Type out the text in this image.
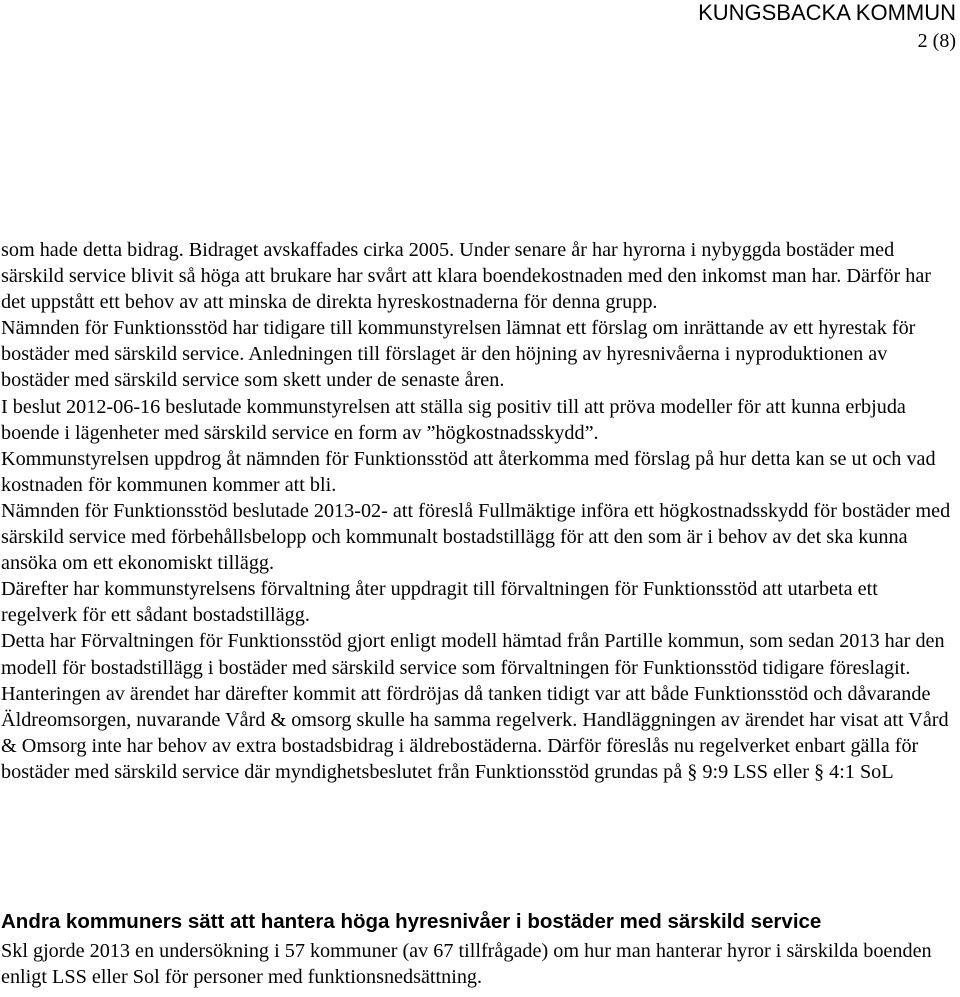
KUNGSBACKA KOMMUN
2 (8)

som hade detta bidrag. Bidraget avskaffades cirka 2005. Under senare år har hyrorna i nybyggda bostäder med särskild service blivit så höga att brukare har svårt att klara boendekostnaden med den inkomst man har. Därför har det uppstått ett behov av att minska de direkta hyreskostnaderna för denna grupp.

Nämnden för Funktionsstöd har tidigare till kommunstyrelsen lämnat ett förslag om inrättande av ett hyrestak för bostäder med särskild service. Anledningen till förslaget är den höjning av hyresnivåerna i nyproduktionen av bostäder med särskild service som skett under de senaste åren.

I beslut 2012-06-16 beslutade kommunstyrelsen att ställa sig positiv till att pröva modeller för att kunna erbjuda boende i lägenheter med särskild service en form av ”högkostnadsskydd”.

Kommunstyrelsen uppdrog åt nämnden för Funktionsstöd att återkomma med förslag på hur detta kan se ut och vad kostnaden för kommunen kommer att bli.

Nämnden för Funktionsstöd beslutade 2013-02- att föreslå Fullmäktige införa ett högkostnadsskydd för bostäder med särskild service med förbehållsbelopp och kommunalt bostadstillägg för att den som är i behov av det ska kunna ansöka om ett ekonomiskt tillägg.

Därefter har kommunstyrelsens förvaltning åter uppdragit till förvaltningen för Funktionsstöd att utarbeta ett regelverk för ett sådant bostadstillägg.

Detta har Förvaltningen för Funktionsstöd gjort enligt modell hämtad från Partille kommun, som sedan 2013 har den modell för bostadstillägg i bostäder med särskild service som förvaltningen för Funktionsstöd tidigare föreslagit. Hanteringen av ärendet har därefter kommit att fördröjas då tanken tidigt var att både Funktionsstöd och dåvarande Äldreomsorgen, nuvarande Vård & omsorg skulle ha samma regelverk. Handläggningen av ärendet har visat att Vård & Omsorg inte har behov av extra bostadsbidrag i äldrebostäderna. Därför föreslås nu regelverket enbart gälla för bostäder med särskild service där myndighetsbeslutet från Funktionsstöd grundas på § 9:9 LSS eller § 4:1 SoL

Andra kommuners sätt att hantera höga hyresnivåer i bostäder med särskild service

Skl gjorde 2013 en undersökning i 57 kommuner (av 67 tillfrågade) om hur man hanterar hyror i särskilda boenden enligt LSS eller Sol för personer med funktionsnedsättning.
